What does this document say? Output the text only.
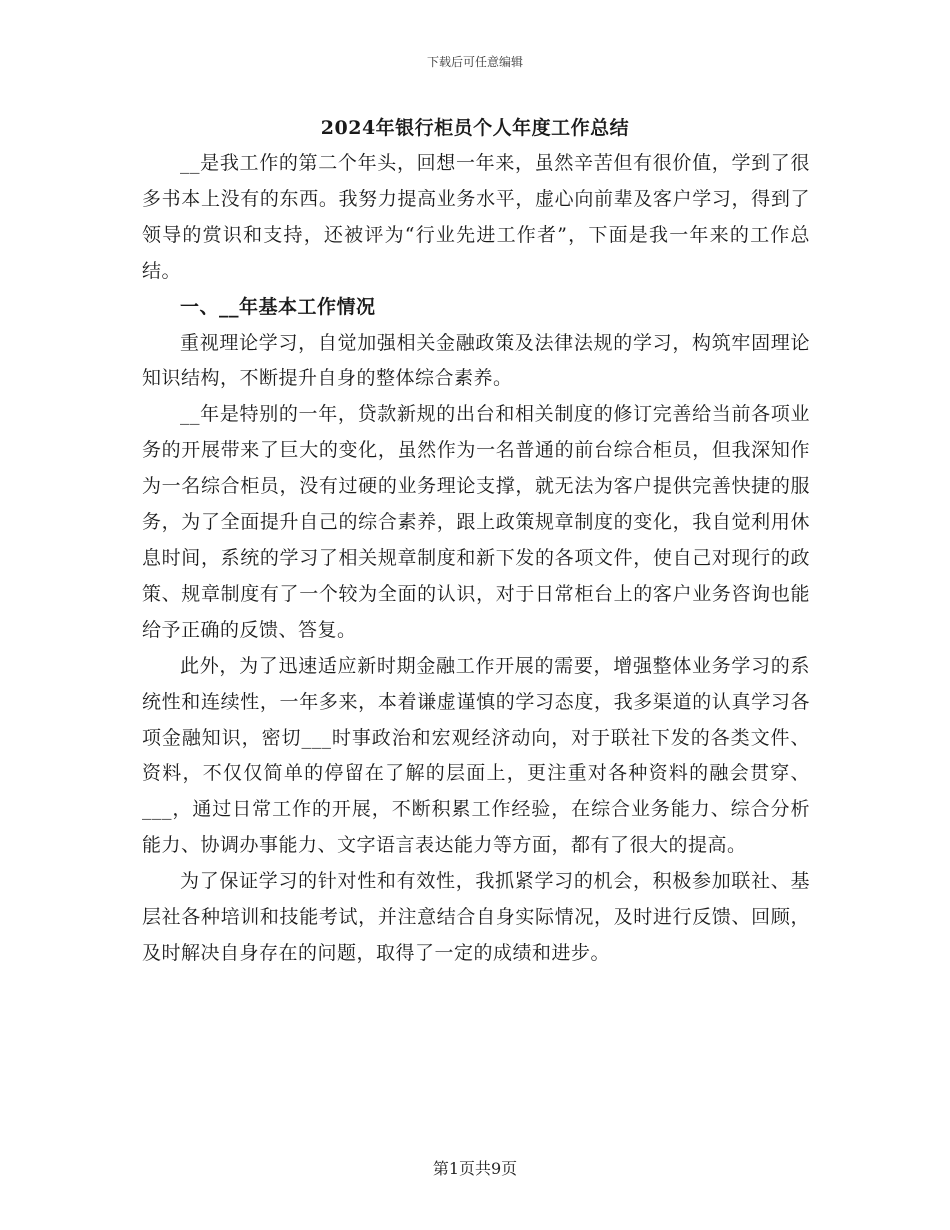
下载后可任意编辑
2024年银行柜员个人年度工作总结

__是我工作的第二个年头，回想一年来，虽然辛苦但有很价值，学到了很多书本上没有的东西。我努力提高业务水平，虚心向前辈及客户学习，得到了领导的赏识和支持，还被评为“行业先进工作者”，下面是我一年来的工作总结。

一、__年基本工作情况

重视理论学习，自觉加强相关金融政策及法律法规的学习，构筑牢固理论知识结构，不断提升自身的整体综合素养。

__年是特别的一年，贷款新规的出台和相关制度的修订完善给当前各项业务的开展带来了巨大的变化，虽然作为一名普通的前台综合柜员，但我深知作为一名综合柜员，没有过硬的业务理论支撑，就无法为客户提供完善快捷的服务，为了全面提升自己的综合素养，跟上政策规章制度的变化，我自觉利用休息时间，系统的学习了相关规章制度和新下发的各项文件，使自己对现行的政策、规章制度有了一个较为全面的认识，对于日常柜台上的客户业务咨询也能给予正确的反馈、答复。

此外，为了迅速适应新时期金融工作开展的需要，增强整体业务学习的系统性和连续性，一年多来，本着谦虚谨慎的学习态度，我多渠道的认真学习各项金融知识，密切___时事政治和宏观经济动向，对于联社下发的各类文件、资料，不仅仅简单的停留在了解的层面上，更注重对各种资料的融会贯穿、___，通过日常工作的开展，不断积累工作经验，在综合业务能力、综合分析能力、协调办事能力、文字语言表达能力等方面，都有了很大的提高。

为了保证学习的针对性和有效性，我抓紧学习的机会，积极参加联社、基层社各种培训和技能考试，并注意结合自身实际情况，及时进行反馈、回顾，及时解决自身存在的问题，取得了一定的成绩和进步。

第1页共9页
